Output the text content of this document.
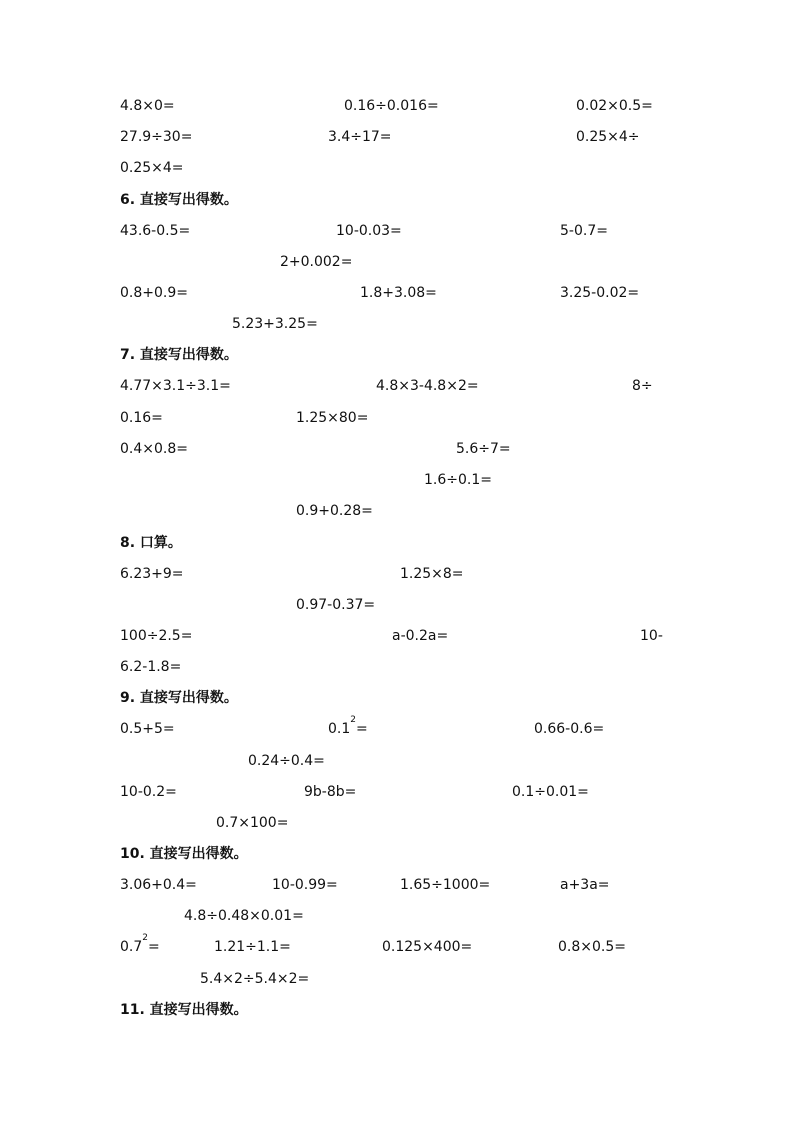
4.8×0=	0.16÷0.016=	0.02×0.5=
27.9÷30=	3.4÷17=	0.25×4÷
0.25×4=
6. 直接写出得数。
43.6-0.5=	10-0.03=	5-0.7=
2+0.002=
0.8+0.9=	1.8+3.08=	3.25-0.02=
5.23+3.25=
7. 直接写出得数。
4.77×3.1÷3.1=	4.8×3-4.8×2=	8÷
0.16=	1.25×80=
0.4×0.8=	5.6÷7=
1.6÷0.1=
0.9+0.28=
8. 口算。
6.23+9=	1.25×8=
0.97-0.37=
100÷2.5=	a-0.2a=	10-
6.2-1.8=
9. 直接写出得数。
0.5+5=	$0.1^2=$	0.66-0.6=
0.24÷0.4=
10-0.2=	9b-8b=	0.1÷0.01=
0.7×100=
10. 直接写出得数。
3.06+0.4=	10-0.99=	1.65÷1000=	a+3a=
4.8÷0.48×0.01=
$0.7^2=$	1.21÷1.1=	0.125×400=	0.8×0.5=
5.4×2÷5.4×2=
11. 直接写出得数。
